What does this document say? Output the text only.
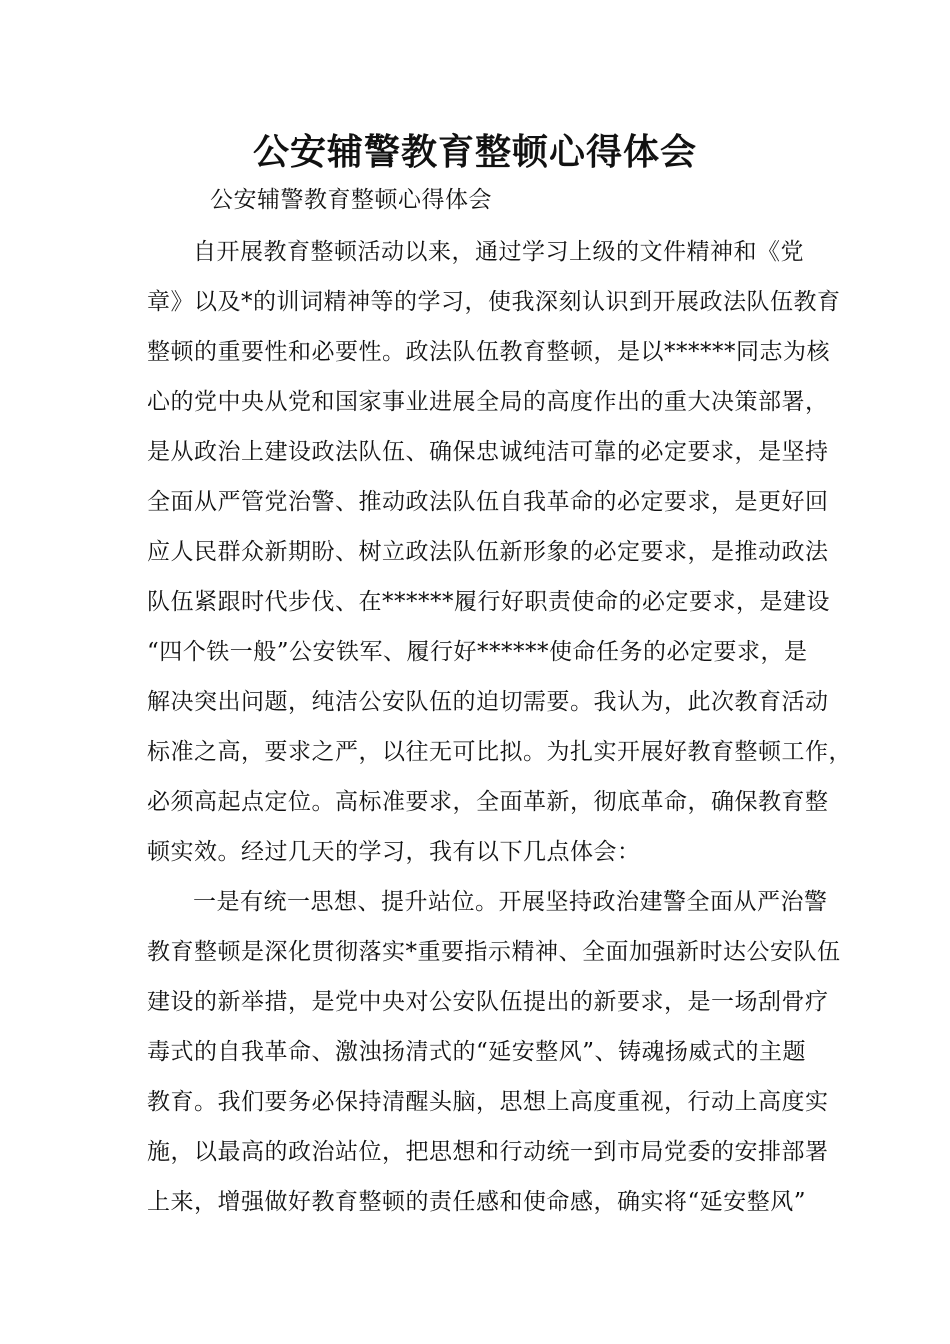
公安辅警教育整顿心得体会

公安辅警教育整顿心得体会

自开展教育整顿活动以来，通过学习上级的文件精神和《党
章》以及*的训词精神等的学习，使我深刻认识到开展政法队伍教育
整顿的重要性和必要性。政法队伍教育整顿，是以******同志为核
心的党中央从党和国家事业进展全局的高度作出的重大决策部署，
是从政治上建设政法队伍、确保忠诚纯洁可靠的必定要求，是坚持
全面从严管党治警、推动政法队伍自我革命的必定要求，是更好回
应人民群众新期盼、树立政法队伍新形象的必定要求，是推动政法
队伍紧跟时代步伐、在******履行好职责使命的必定要求，是建设
“四个铁一般”公安铁军、履行好******使命任务的必定要求，是
解决突出问题，纯洁公安队伍的迫切需要。我认为，此次教育活动
标准之高，要求之严，以往无可比拟。为扎实开展好教育整顿工作，
必须高起点定位。高标准要求，全面革新，彻底革命，确保教育整
顿实效。经过几天的学习，我有以下几点体会：
一是有统一思想、提升站位。开展坚持政治建警全面从严治警
教育整顿是深化贯彻落实*重要指示精神、全面加强新时达公安队伍
建设的新举措，是党中央对公安队伍提出的新要求，是一场刮骨疗
毒式的自我革命、激浊扬清式的“延安整风”、铸魂扬威式的主题
教育。我们要务必保持清醒头脑，思想上高度重视，行动上高度实
施，以最高的政治站位，把思想和行动统一到市局党委的安排部署
上来，增强做好教育整顿的责任感和使命感，确实将“延安整风”
